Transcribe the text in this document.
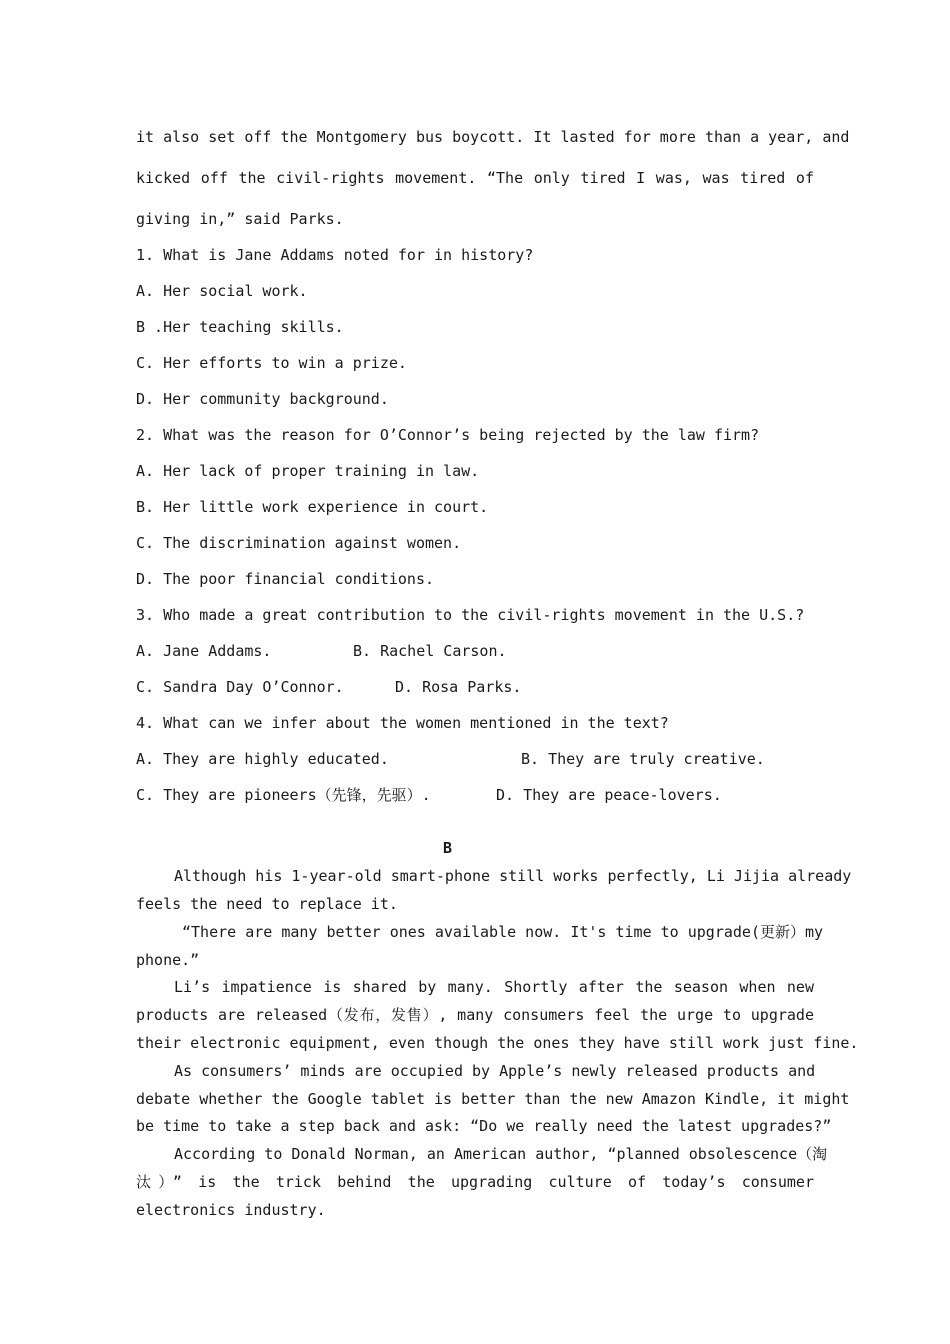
it also set off the Montgomery bus boycott. It lasted for more than a year, and
kicked off the civil-rights movement. “The only tired I was, was tired of
giving in,” said Parks.
1. What is Jane Addams noted for in history?
A. Her social work.
B .Her teaching skills.
C. Her efforts to win a prize.
D. Her community background.
2. What was the reason for O’Connor’s being rejected by the law firm?
A. Her lack of proper training in law.
B. Her little work experience in court.
C. The discrimination against women.
D. The poor financial conditions.
3. Who made a great contribution to the civil-rights movement in the U.S.?
A. Jane Addams.	B. Rachel Carson.
C. Sandra Day O’Connor.	D. Rosa Parks.
4. What can we infer about the women mentioned in the text?
A. They are highly educated.	B. They are truly creative.
C. They are pioneers（先锋，先驱）.	D. They are peace-lovers.
B
Although his 1-year-old smart-phone still works perfectly, Li Jijia already
feels the need to replace it.
“There are many better ones available now. It's time to upgrade(更新）my
phone.”
Li’s impatience is shared by many. Shortly after the season when new
products are released（发布，发售）, many consumers feel the urge to upgrade
their electronic equipment, even though the ones they have still work just fine.
As consumers’ minds are occupied by Apple’s newly released products and
debate whether the Google tablet is better than the new Amazon Kindle, it might
be time to take a step back and ask: “Do we really need the latest upgrades?”
According to Donald Norman, an American author, “planned obsolescence（淘
汰）” is the trick behind the upgrading culture of today’s consumer
electronics industry.
